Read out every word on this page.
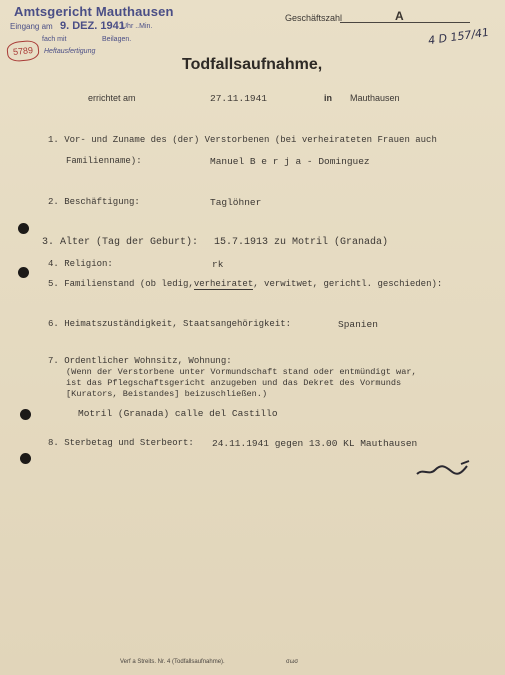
Amtsgericht Mauthausen
Eingang am 9. DEZ. 1941
Uhr ..Min.
fach mit	Beilagen.
Heftausfertigung
5789
Geschäftszahl	A
4 D 157/41
Todfallsaufnahme,
errichtet am	27.11.1941	in Mauthausen
1. Vor- und Zuname des (der) Verstorbenen (bei verheirateten Frauen auch
Familienname):	Manuel B e r j a - Dominguez
2. Beschäftigung:	Taglöhner
3. Alter (Tag der Geburt): 15.7.1913 zu Motril (Granada)
4. Religion:	rk
5. Familienstand (ob ledig,verheiratet, verwitwet, gerichtl. geschieden):
6. Heimatszuständigkeit, Staatsangehörigkeit:	Spanien
7. Ordentlicher Wohnsitz, Wohnung:
(Wenn der Verstorbene unter Vormundschaft stand oder entmündigt war,
ist das Pflegschaftsgericht anzugeben und das Dekret des Vormunds
[Kurators, Beistandes] beizuschließen.)
Motril (Granada) calle del Castillo
8. Sterbetag und Sterbeort: 24.11.1941 gegen 13.00 KL Mauthausen
Verf a Streits. Nr. 4 (Todfallsaufnahme).	σωσ
